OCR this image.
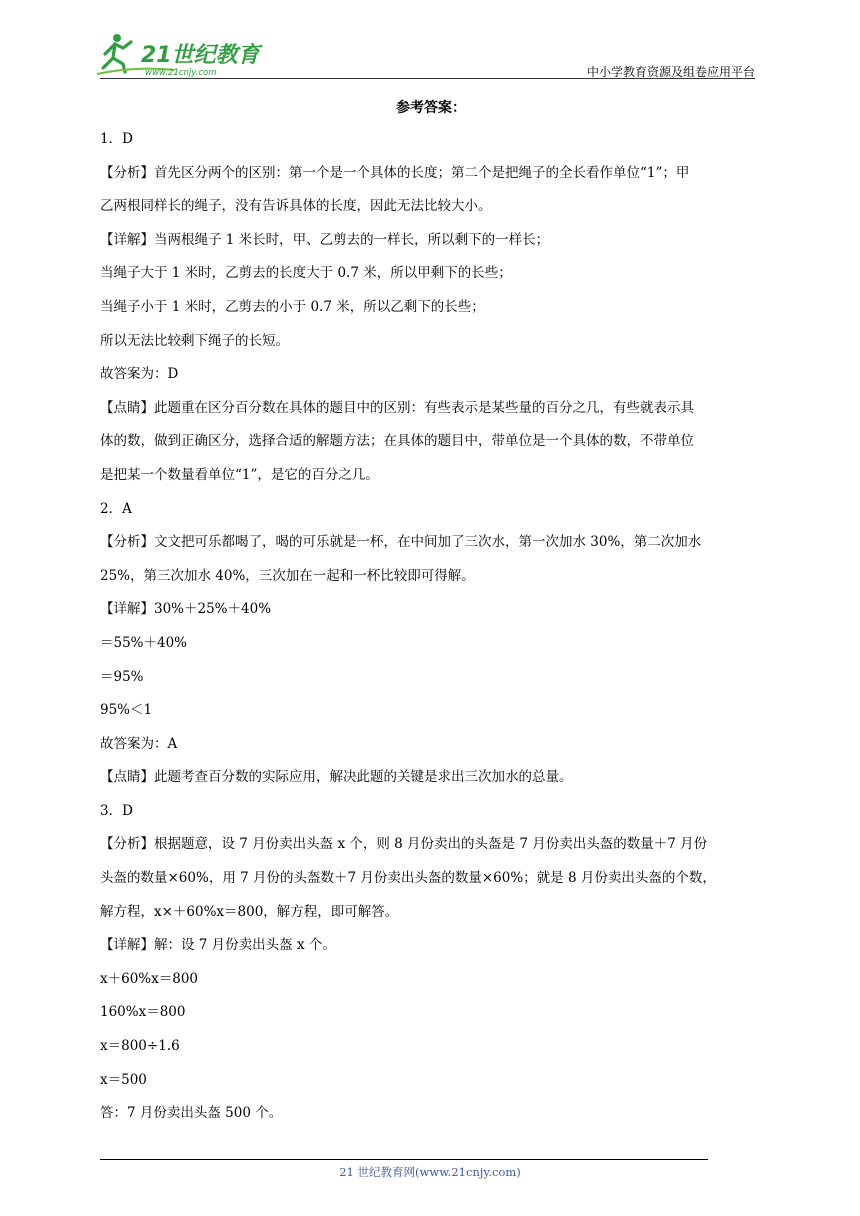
21世纪教育
www.21cnjy.com	中小学教育资源及组卷应用平台

参考答案：

1．D

【分析】首先区分两个的区别：第一个是一个具体的长度；第二个是把绳子的全长看作单位“1”；甲

乙两根同样长的绳子，没有告诉具体的长度，因此无法比较大小。

【详解】当两根绳子 1 米长时，甲、乙剪去的一样长，所以剩下的一样长；

当绳子大于 1 米时，乙剪去的长度大于 0.7 米，所以甲剩下的长些；

当绳子小于 1 米时，乙剪去的小于 0.7 米，所以乙剩下的长些；

所以无法比较剩下绳子的长短。

故答案为：D

【点睛】此题重在区分百分数在具体的题目中的区别：有些表示是某些量的百分之几，有些就表示具

体的数，做到正确区分，选择合适的解题方法；在具体的题目中，带单位是一个具体的数，不带单位

是把某一个数量看单位“1”，是它的百分之几。

2．A

【分析】文文把可乐都喝了，喝的可乐就是一杯，在中间加了三次水，第一次加水 30%，第二次加水

25%，第三次加水 40%，三次加在一起和一杯比较即可得解。

【详解】30%＋25%＋40%

＝55%＋40%

＝95%

95%＜1

故答案为：A

【点睛】此题考查百分数的实际应用，解决此题的关键是求出三次加水的总量。

3．D

【分析】根据题意，设 7 月份卖出头盔 x 个，则 8 月份卖出的头盔是 7 月份卖出头盔的数量＋7 月份

头盔的数量×60%，用 7 月份的头盔数＋7 月份卖出头盔的数量×60%；就是 8 月份卖出头盔的个数，

解方程，x×＋60%x＝800，解方程，即可解答。

【详解】解：设 7 月份卖出头盔 x 个。

x＋60%x＝800

160%x＝800

x＝800÷1.6

x＝500

答：7 月份卖出头盔 500 个。

21 世纪教育网(www.21cnjy.com)
